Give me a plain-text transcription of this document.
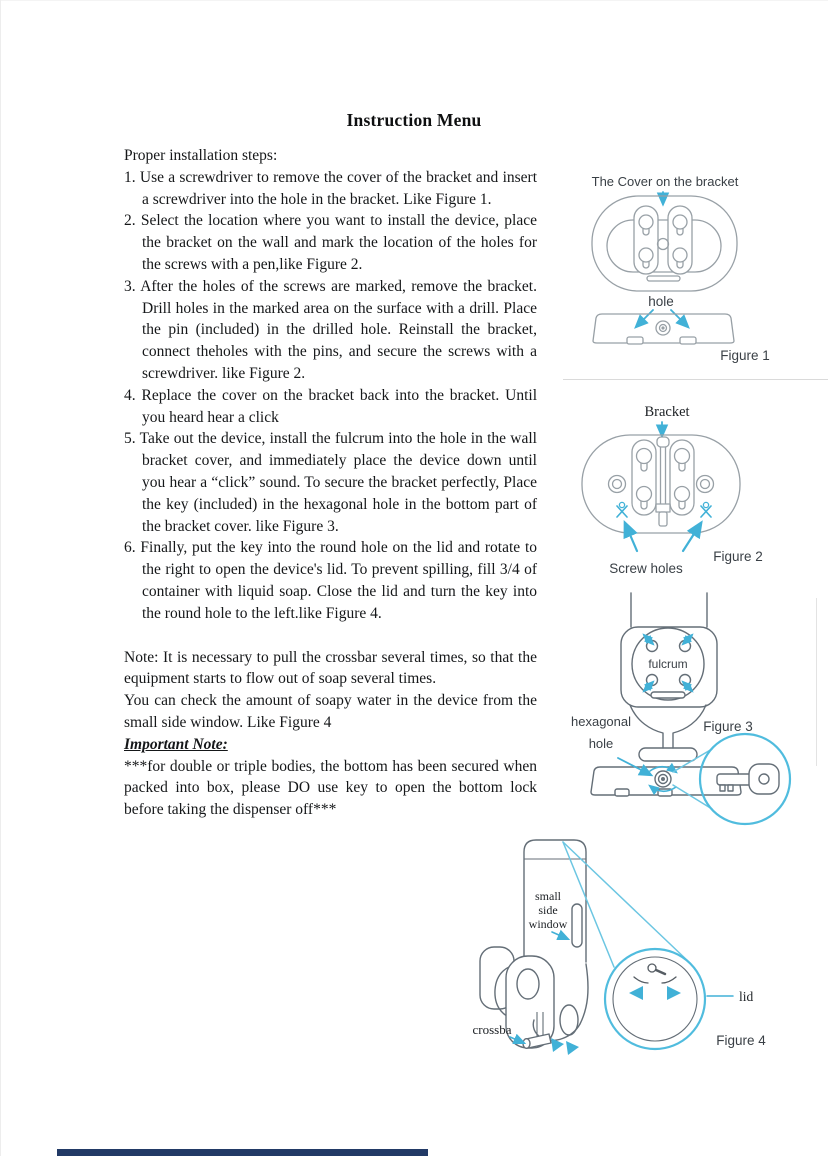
Instruction Menu

Proper installation steps:

1. Use a screwdriver to remove the cover of the bracket and insert a screwdriver into the hole in the bracket. Like Figure 1.
2. Select the location where you want to install the device, place the bracket on the wall and mark the location of the holes for the screws with a pen,like Figure 2.
3. After the holes of the screws are marked, remove the bracket. Drill holes in the marked area on the surface with a drill. Place the pin (included) in the drilled hole. Reinstall the bracket, connect theholes with the pins, and secure the screws with a screwdriver. like Figure 2.
4. Replace the cover on the bracket back into the bracket. Until you heard hear a click
5. Take out the device, install the fulcrum into the hole in the wall bracket cover, and immediately place the device down until you hear a “click” sound. To secure the bracket perfectly, Place the key (included) in the hexagonal hole in the bottom part of the bracket cover. like Figure 3.
6. Finally, put the key into the round hole on the lid and rotate to the right to open the device's lid. To prevent spilling, fill 3/4 of container with liquid soap. Close the lid and turn the key into the round hole to the left.like Figure 4.

Note: It is necessary to pull the crossbar several times, so that the equipment starts to flow out of soap several times.

You can check the amount of soapy water in the device from the small side window. Like Figure 4

Important Note:
***for double or triple bodies, the bottom has been secured when packed into box, please DO use key to open the bottom lock before taking the dispenser off***
The Cover on the bracket
hole
Figure 1
Bracket
Screw holes
Figure 2
fulcrum
hexagonal
hole
Figure 3
small
side
window
lid
crossba
Figure 4
